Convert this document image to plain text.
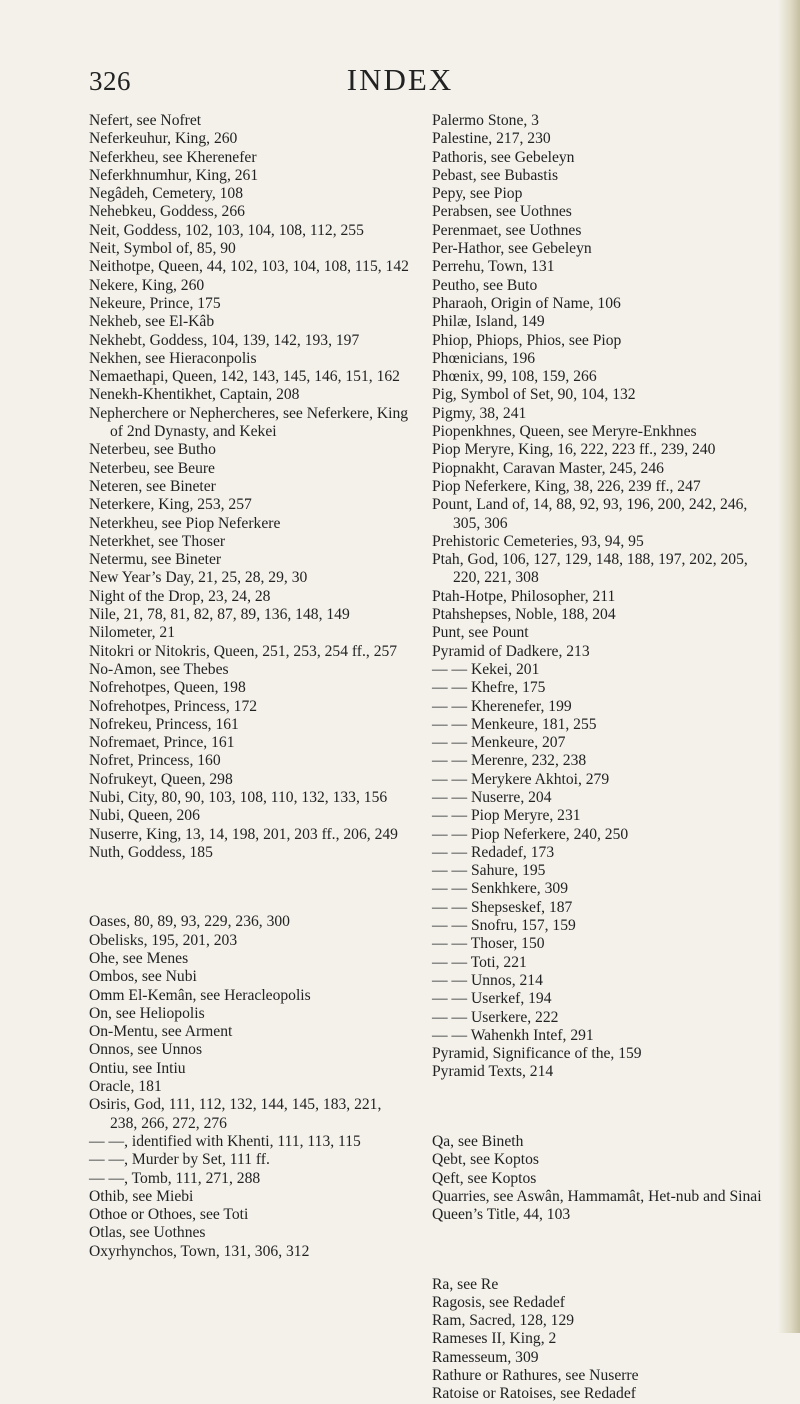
326	INDEX

Nefert, see Nofret

Neferkeuhur, King, 260

Neferkheu, see Kherenefer

Neferkhnumhur, King, 261

Negâdeh, Cemetery, 108

Nehebkeu, Goddess, 266

Neit, Goddess, 102, 103, 104, 108, 112, 255

Neit, Symbol of, 85, 90

Neithotpe, Queen, 44, 102, 103, 104, 108, 115, 142

Nekere, King, 260

Nekeure, Prince, 175

Nekheb, see El-Kâb

Nekhebt, Goddess, 104, 139, 142, 193, 197

Nekhen, see Hieraconpolis

Nemaethapi, Queen, 142, 143, 145, 146, 151, 162

Nenekh-Khentikhet, Captain, 208

Nepherchere or Nephercheres, see Neferkere, King of 2nd Dynasty, and Kekei

Neterbeu, see Butho

Neterbeu, see Beure

Neteren, see Bineter

Neterkere, King, 253, 257

Neterkheu, see Piop Neferkere

Neterkhet, see Thoser

Netermu, see Bineter

New Year’s Day, 21, 25, 28, 29, 30

Night of the Drop, 23, 24, 28

Nile, 21, 78, 81, 82, 87, 89, 136, 148, 149

Nilometer, 21

Nitokri or Nitokris, Queen, 251, 253, 254 ff., 257

No-Amon, see Thebes

Nofrehotpes, Queen, 198

Nofrehotpes, Princess, 172

Nofrekeu, Princess, 161

Nofremaet, Prince, 161

Nofret, Princess, 160

Nofrukeyt, Queen, 298

Nubi, City, 80, 90, 103, 108, 110, 132, 133, 156

Nubi, Queen, 206

Nuserre, King, 13, 14, 198, 201, 203 ff., 206, 249

Nuth, Goddess, 185

Oases, 80, 89, 93, 229, 236, 300

Obelisks, 195, 201, 203

Ohe, see Menes

Ombos, see Nubi

Omm El-Kemân, see Heracleopolis

On, see Heliopolis

On-Mentu, see Arment

Onnos, see Unnos

Ontiu, see Intiu

Oracle, 181

Osiris, God, 111, 112, 132, 144, 145, 183, 221, 238, 266, 272, 276

— —, identified with Khenti, 111, 113, 115

— —, Murder by Set, 111 ff.

— —, Tomb, 111, 271, 288

Othib, see Miebi

Othoe or Othoes, see Toti

Otlas, see Uothnes

Oxyrhynchos, Town, 131, 306, 312

Palermo Stone, 3

Palestine, 217, 230

Pathoris, see Gebeleyn

Pebast, see Bubastis

Pepy, see Piop

Perabsen, see Uothnes

Perenmaet, see Uothnes

Per-Hathor, see Gebeleyn

Perrehu, Town, 131

Peutho, see Buto

Pharaoh, Origin of Name, 106

Philæ, Island, 149

Phiop, Phiops, Phios, see Piop

Phœnicians, 196

Phœnix, 99, 108, 159, 266

Pig, Symbol of Set, 90, 104, 132

Pigmy, 38, 241

Piopenkhnes, Queen, see Meryre-Enkhnes

Piop Meryre, King, 16, 222, 223 ff., 239, 240

Piopnakht, Caravan Master, 245, 246

Piop Neferkere, King, 38, 226, 239 ff., 247

Pount, Land of, 14, 88, 92, 93, 196, 200, 242, 246, 305, 306

Prehistoric Cemeteries, 93, 94, 95

Ptah, God, 106, 127, 129, 148, 188, 197, 202, 205, 220, 221, 308

Ptah-Hotpe, Philosopher, 211

Ptahshepses, Noble, 188, 204

Punt, see Pount

Pyramid of Dadkere, 213

— — Kekei, 201

— — Khefre, 175

— — Kherenefer, 199

— — Menkeure, 181, 255

— — Menkeure, 207

— — Merenre, 232, 238

— — Merykere Akhtoi, 279

— — Nuserre, 204

— — Piop Meryre, 231

— — Piop Neferkere, 240, 250

— — Redadef, 173

— — Sahure, 195

— — Senkhkere, 309

— — Shepseskef, 187

— — Snofru, 157, 159

— — Thoser, 150

— — Toti, 221

— — Unnos, 214

— — Userkef, 194

— — Userkere, 222

— — Wahenkh Intef, 291

Pyramid, Significance of the, 159

Pyramid Texts, 214

Qa, see Bineth

Qebt, see Koptos

Qeft, see Koptos

Quarries, see Aswân, Hammamât, Het-nub and Sinai

Queen’s Title, 44, 103

Ra, see Re

Ragosis, see Redadef

Ram, Sacred, 128, 129

Rameses II, King, 2

Ramesseum, 309

Rathure or Rathures, see Nuserre

Ratoise or Ratoises, see Redadef
